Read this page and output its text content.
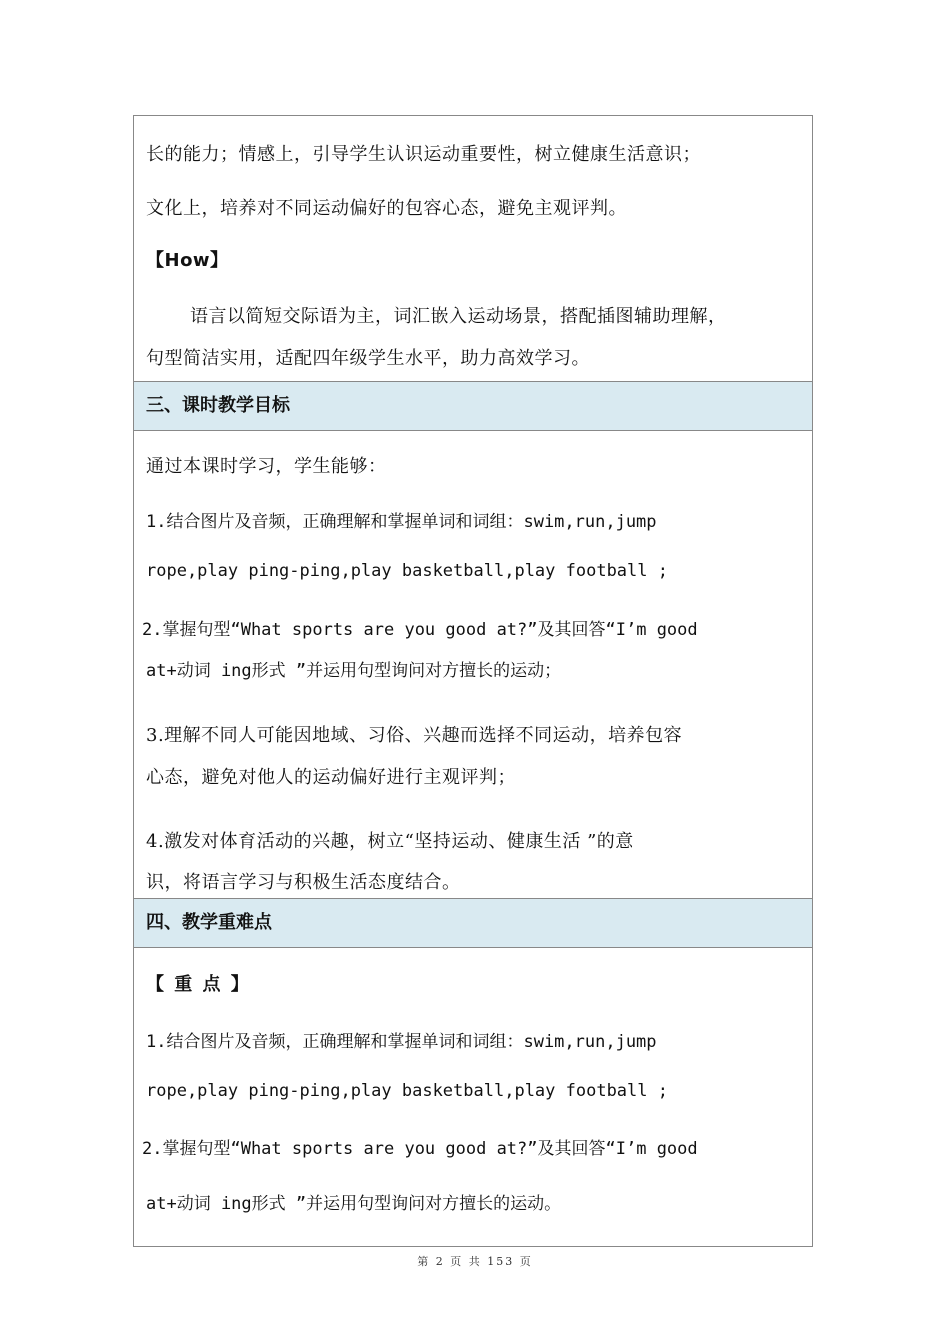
长的能力；情感上，引导学生认识运动重要性，树立健康生活意识；
文化上，培养对不同运动偏好的包容心态，避免主观评判。
【How】
语言以简短交际语为主，词汇嵌入运动场景，搭配插图辅助理解，
句型简洁实用，适配四年级学生水平，助力高效学习。
三、课时教学目标
通过本课时学习，学生能够：
1.结合图片及音频，正确理解和掌握单词和词组：swim,run,jump
rope,play ping-ping,play basketball,play football ;
2.掌握句型“What sports are you good at?”及其回答“I’m good
at+动词 ing形式 ”并运用句型询问对方擅长的运动；
3.理解不同人可能因地域、习俗、兴趣而选择不同运动，培养包容
心态，避免对他人的运动偏好进行主观评判；
4.激发对体育活动的兴趣，树立“坚持运动、健康生活 ”的意
识，将语言学习与积极生活态度结合。
四、教学重难点
【 重 点 】
1.结合图片及音频，正确理解和掌握单词和词组：swim,run,jump
rope,play ping-ping,play basketball,play football ;
2.掌握句型“What sports are you good at?”及其回答“I’m good
at+动词 ing形式 ”并运用句型询问对方擅长的运动。
第 2 页 共 153 页
